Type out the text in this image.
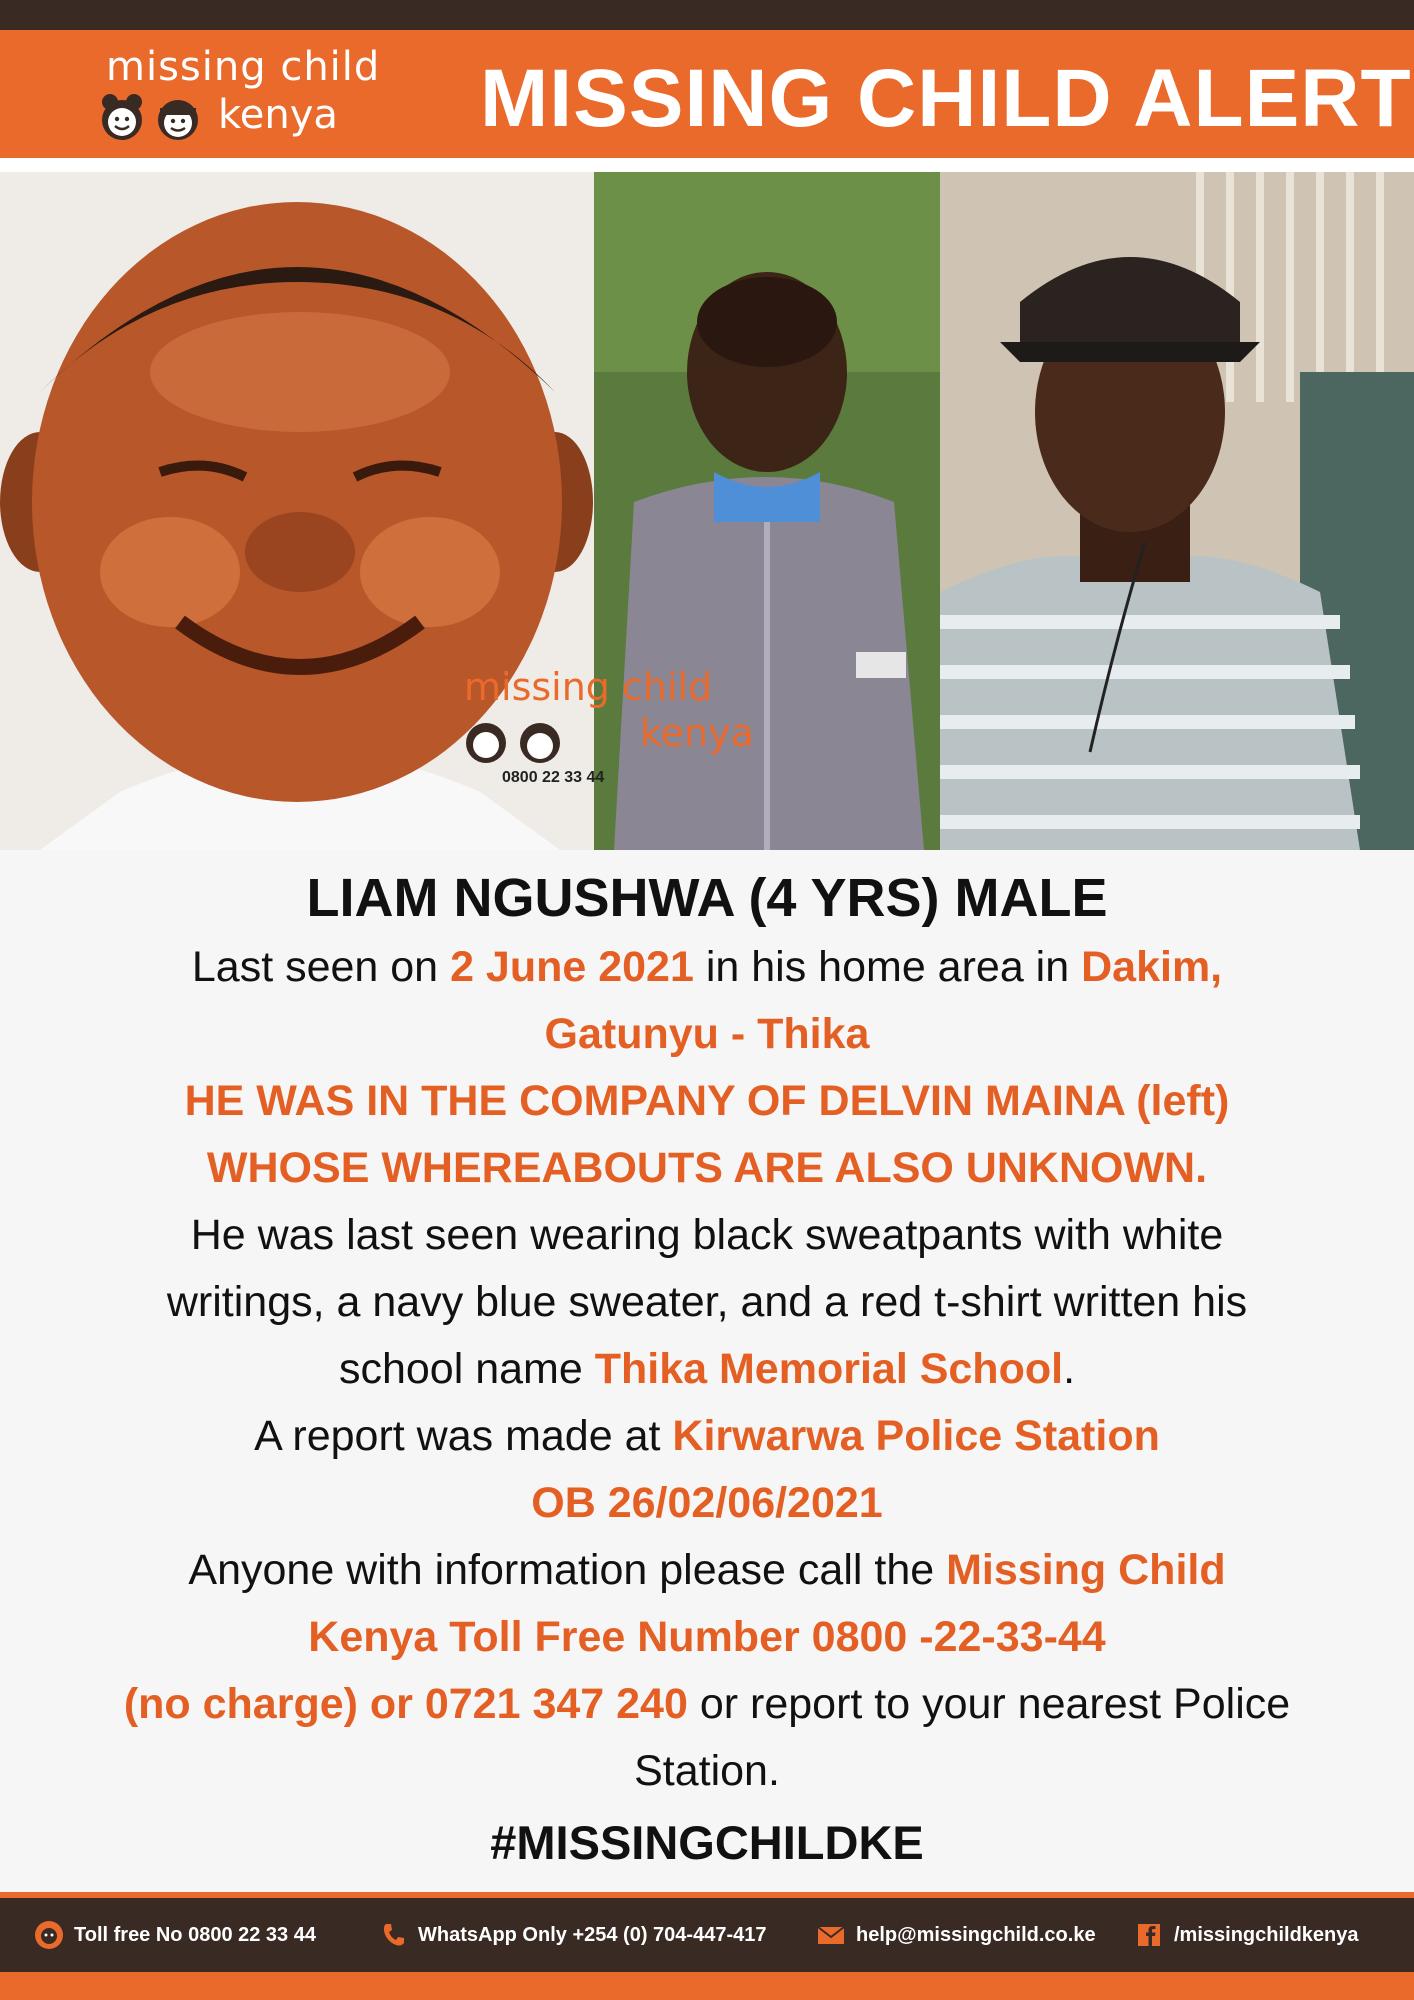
missing child
kenya MISSING CHILD ALERT
missing child
kenya
0800 22 33 44
LIAM NGUSHWA (4 YRS) MALE
Last seen on 2 June 2021 in his home area in Dakim,
Gatunyu - Thika
HE WAS IN THE COMPANY OF DELVIN MAINA (left)
WHOSE WHEREABOUTS ARE ALSO UNKNOWN.
He was last seen wearing black sweatpants with white
writings, a navy blue sweater, and a red t-shirt written his
school name Thika Memorial School.
A report was made at Kirwarwa Police Station
OB 26/02/06/2021
Anyone with information please call the Missing Child
Kenya Toll Free Number 0800 -22-33-44
(no charge) or 0721 347 240 or report to your nearest Police
Station.
#MISSINGCHILDKE
Toll free No 0800 22 33 44	WhatsApp Only +254 (0) 704-447-417	help@missingchild.co.ke	/missingchildkenya
